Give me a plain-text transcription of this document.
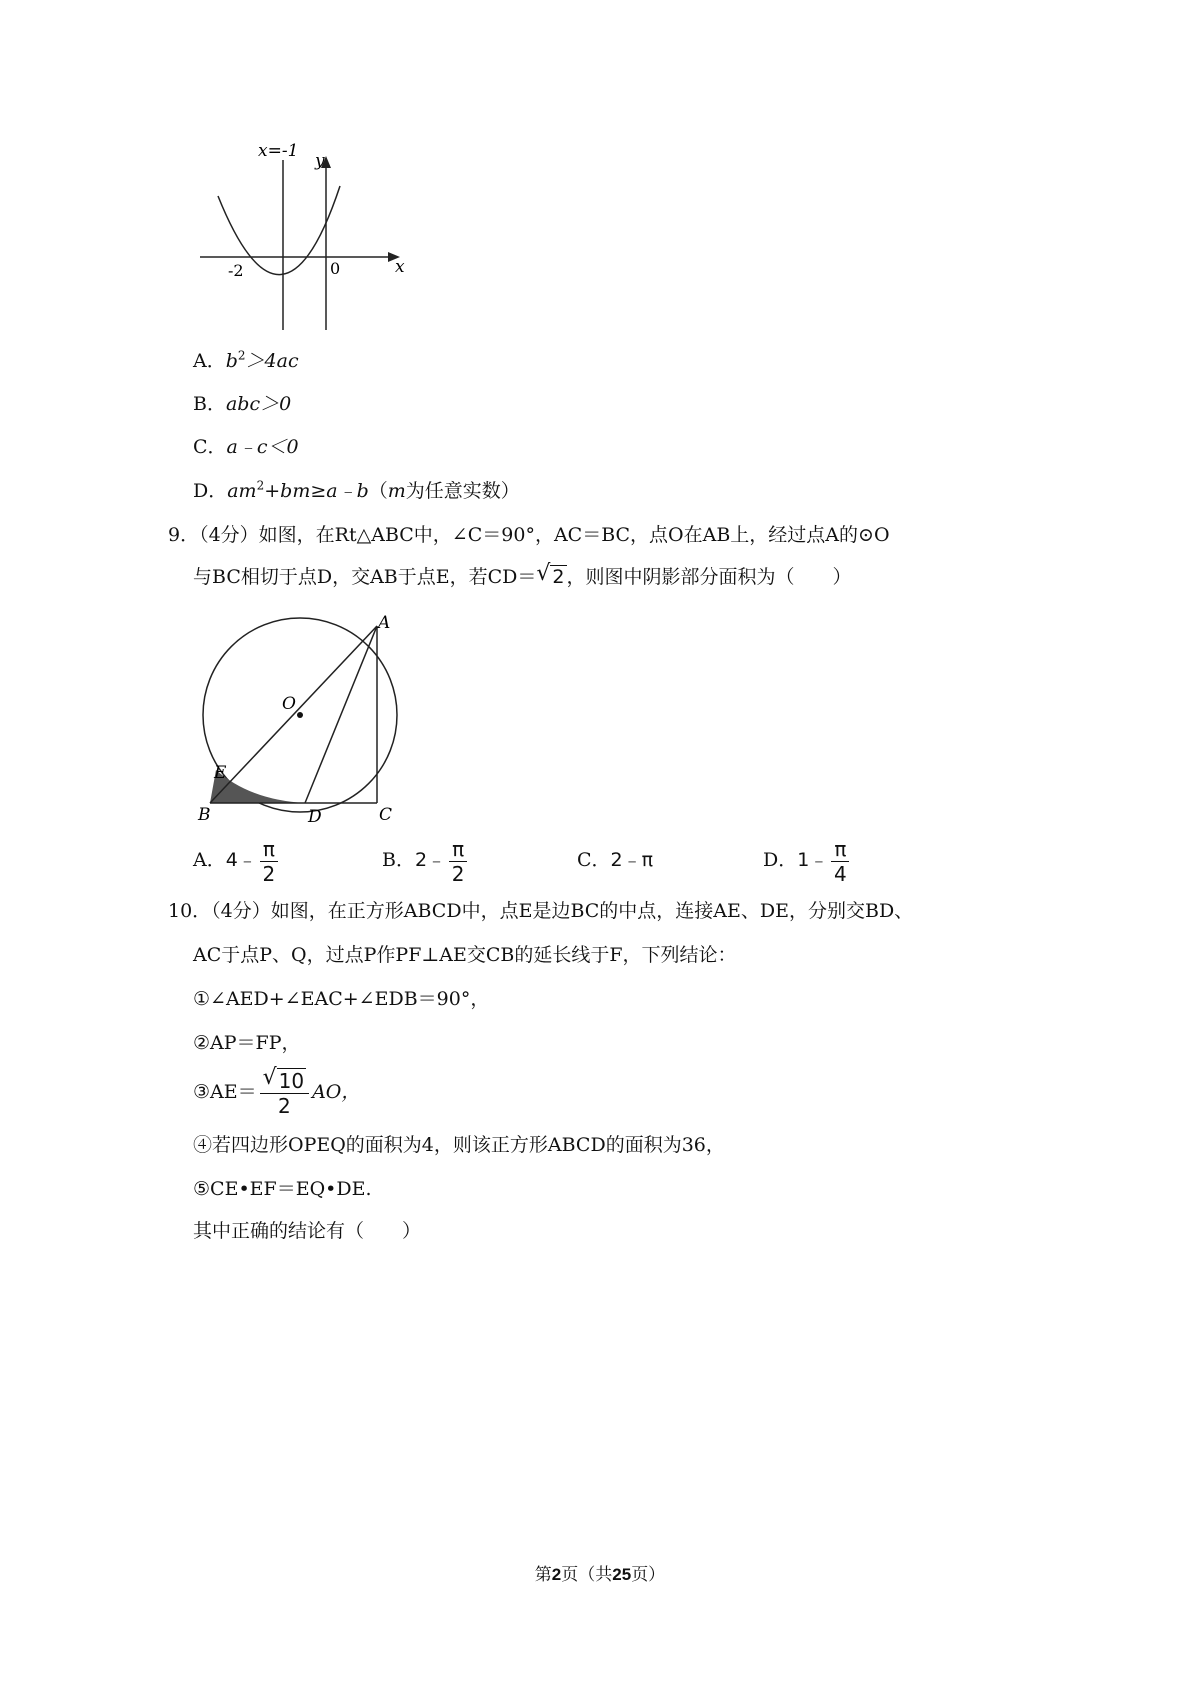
x=-1 y
x
-2	0
A．$b^2>4ac$
B．abc＞0
C．a﹣c＜0
D．$am^2+bm\ge a﹣b(m$为任意实数）
9．（4分）如图，在Rt△ABC中，∠C＝90°，AC＝BC，点O在AB上，经过点A的⊙O
与BC相切于点D，交AB于点E，若CD＝ √ 2 ，则图中阴影部分面积为（　　）
A
O
E
B	D	C
A．4﹣ $\frac{\pi}{2}$	B．2﹣ $\frac{\pi}{2}$	C．2﹣π	D．1﹣ $\frac{\pi}{4}$
10．（4分）如图，在正方形ABCD中，点E是边BC的中点，连接AE、DE，分别交BD、
AC于点P、Q，过点P作PF⊥AE交CB的延长线于F，下列结论：
①∠AED+∠EAC+∠EDB＝90°，
②AP＝FP，
③AE＝ √ $\frac{10}{2}$ AO，
④若四边形OPEQ的面积为4，则该正方形ABCD的面积为36，
⑤CE•EF＝EQ•DE.
其中正确的结论有（　　）
第2页（共25页）
